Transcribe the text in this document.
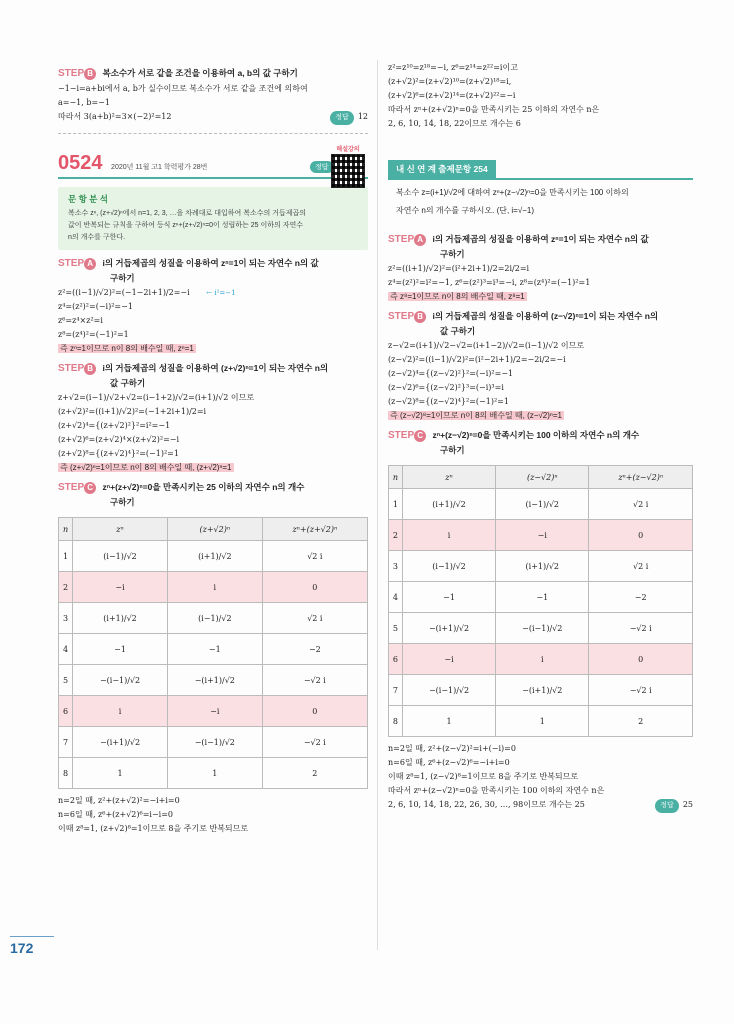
STEP B 복소수가 서로 같을 조건을 이용하여 a, b의 값 구하기
−1−i=a+bi에서 a, b가 실수이므로 복소수가 서로 같을 조건에 의하여
a=−1, b=−1
따라서 3(a+b)²=3×(−2)²=12	정답 12
0524 2020년 11월 고1 학력평가 28번	정답
해설강의
문 항 분 석

복소수 zⁿ, (z+√2)ⁿ에서 n=1, 2, 3, …을 차례대로 대입하여 복소수의 거듭제곱의

값이 반복되는 규칙을 구하여 등식 zⁿ+(z+√2)ⁿ=0이 성립하는 25 이하의 자연수

n의 개수를 구한다.

STEP A i의 거듭제곱의 성질을 이용하여 zⁿ=1이 되는 자연수 n의 값
구하기
z²=((i−1)/√2)²=(−1−2i+1)/2=−i ← i²=−1
z⁴=(z²)²=(−i)²=−1
z⁶=z⁴×z²=i
z⁸=(z⁴)²=(−1)²=1
즉 zⁿ=1이므로 n이 8의 배수일 때, zⁿ=1
STEP B i의 거듭제곱의 성질을 이용하여 (z+√2)ⁿ=1이 되는 자연수 n의
값 구하기
z+√2=(i−1)/√2+√2=(i−1+2)/√2=(i+1)/√2 이므로
(z+√2)²=((i+1)/√2)²=(−1+2i+1)/2=i
(z+√2)⁴={(z+√2)²}²=i²=−1
(z+√2)⁶=(z+√2)⁴×(z+√2)²=−i
(z+√2)⁸={(z+√2)⁴}²=(−1)²=1
즉 (z+√2)ⁿ=1이므로 n이 8의 배수일 때, (z+√2)ⁿ=1
STEP C zⁿ+(z+√2)ⁿ=0을 만족시키는 25 이하의 자연수 n의 개수
구하기
n	zⁿ	(z+√2)ⁿ	zⁿ+(z+√2)ⁿ
1	(i−1)/√2	(i+1)/√2	√2 i
2	−i	i	0
3	(i+1)/√2	(i−1)/√2	√2 i
4	−1	−1	−2
5	−(i−1)/√2	−(i+1)/√2	−√2 i
6	i	−i	0
7	−(i+1)/√2	−(i−1)/√2	−√2 i
8	1	1	2
n=2일 때, z²+(z+√2)²=−i+i=0
n=6일 때, z⁶+(z+√2)⁶=i−i=0
이때 z⁸=1, (z+√2)⁸=1이므로 8을 주기로 반복되므로
z²=z¹⁰=z¹⁸=−i, z⁶=z¹⁴=z²²=i이고
(z+√2)²=(z+√2)¹⁰=(z+√2)¹⁸=i,
(z+√2)⁶=(z+√2)¹⁴=(z+√2)²²=−i
따라서 zⁿ+(z+√2)ⁿ=0을 만족시키는 25 이하의 자연수 n은
2, 6, 10, 14, 18, 22이므로 개수는 6
내 신 연 계 출제문항 254
복소수 z=(i+1)/√2에 대하여 zⁿ+(z−√2)ⁿ=0을 만족시키는 100 이하의
자연수 n의 개수를 구하시오. (단, i=√−1)
STEP A i의 거듭제곱의 성질을 이용하여 zⁿ=1이 되는 자연수 n의 값
구하기
z²=((i+1)/√2)²=(i²+2i+1)/2=2i/2=i
z⁴=(z²)²=i²=−1, z⁶=(z²)³=i³=−i, z⁸=(z⁴)²=(−1)²=1
즉 z⁸=1이므로 n이 8의 배수일 때, z⁸=1
STEP B i의 거듭제곱의 성질을 이용하여 (z−√2)ⁿ=1이 되는 자연수 n의
값 구하기
z−√2=(i+1)/√2−√2=(i+1−2)/√2=(i−1)/√2 이므로
(z−√2)²=((i−1)/√2)²=(i²−2i+1)/2=−2i/2=−i
(z−√2)⁴={(z−√2)²}²=(−i)²=−1
(z−√2)⁶={(z−√2)²}³=(−i)³=i
(z−√2)⁸={(z−√2)⁴}²=(−1)²=1
즉 (z−√2)⁸=1이므로 n이 8의 배수일 때, (z−√2)ⁿ=1
STEP C zⁿ+(z−√2)ⁿ=0을 만족시키는 100 이하의 자연수 n의 개수
구하기
n	zⁿ	(z−√2)ⁿ	zⁿ+(z−√2)ⁿ
1	(i+1)/√2	(i−1)/√2	√2 i
2	i	−i	0
3	(i−1)/√2	(i+1)/√2	√2 i
4	−1	−1	−2
5	−(i+1)/√2	−(i−1)/√2	−√2 i
6	−i	i	0
7	−(i−1)/√2	−(i+1)/√2	−√2 i
8	1	1	2
n=2일 때, z²+(z−√2)²=i+(−i)=0
n=6일 때, z⁶+(z−√2)⁶=−i+i=0
이때 z⁸=1, (z−√2)⁸=1이므로 8을 주기로 반복되므로
따라서 zⁿ+(z−√2)ⁿ=0을 만족시키는 100 이하의 자연수 n은
2, 6, 10, 14, 18, 22, 26, 30, …, 98이므로 개수는 25	정답 25
172
